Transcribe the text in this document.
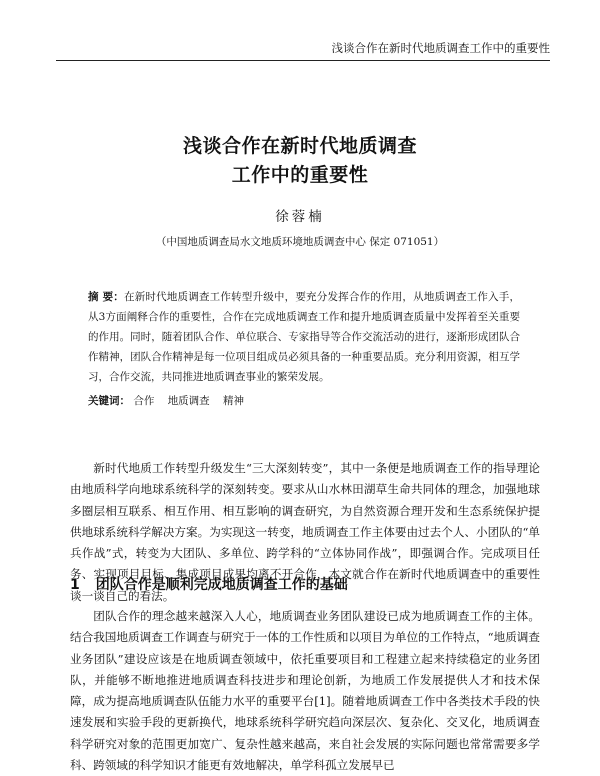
浅谈合作在新时代地质调查工作中的重要性
浅谈合作在新时代地质调查
工作中的重要性
徐蓉楠
（中国地质调查局水文地质环境地质调查中心 保定 071051）
摘 要：在新时代地质调查工作转型升级中，要充分发挥合作的作用，从地质调查工作入手，从3方面阐释合作的重要性，合作在完成地质调查工作和提升地质调查质量中发挥着至关重要的作用。同时，随着团队合作、单位联合、专家指导等合作交流活动的进行，逐渐形成团队合作精神，团队合作精神是每一位项目组成员必须具备的一种重要品质。充分利用资源，相互学习，合作交流，共同推进地质调查事业的繁荣发展。
关键词： 合作 地质调查 精神
新时代地质工作转型升级发生“三大深刻转变”，其中一条便是地质调查工作的指导理论由地质科学向地球系统科学的深刻转变。要求从山水林田湖草生命共同体的理念，加强地球多圈层相互联系、相互作用、相互影响的调查研究，为自然资源合理开发和生态系统保护提供地球系统科学解决方案。为实现这一转变，地质调查工作主体要由过去个人、小团队的“单兵作战”式，转变为大团队、多单位、跨学科的“立体协同作战”，即强调合作。完成项目任务、实现项目目标、集成项目成果均离不开合作，本文就合作在新时代地质调查中的重要性谈一谈自己的看法。
1 团队合作是顺利完成地质调查工作的基础
团队合作的理念越来越深入人心，地质调查业务团队建设已成为地质调查工作的主体。结合我国地质调查工作调查与研究于一体的工作性质和以项目为单位的工作特点，“地质调查业务团队”建设应该是在地质调查领域中，依托重要项目和工程建立起来持续稳定的业务团队，并能够不断地推进地质调查科技进步和理论创新，为地质工作发展提供人才和技术保障，成为提高地质调查队伍能力水平的重要平台[1]。随着地质调查工作中各类技术手段的快速发展和实验手段的更新换代，地球系统科学研究趋向深层次、复杂化、交叉化，地质调查科学研究对象的范围更加宽广、复杂性越来越高，来自社会发展的实际问题也常常需要多学科、跨领域的科学知识才能更有效地解决，单学科孤立发展早已
